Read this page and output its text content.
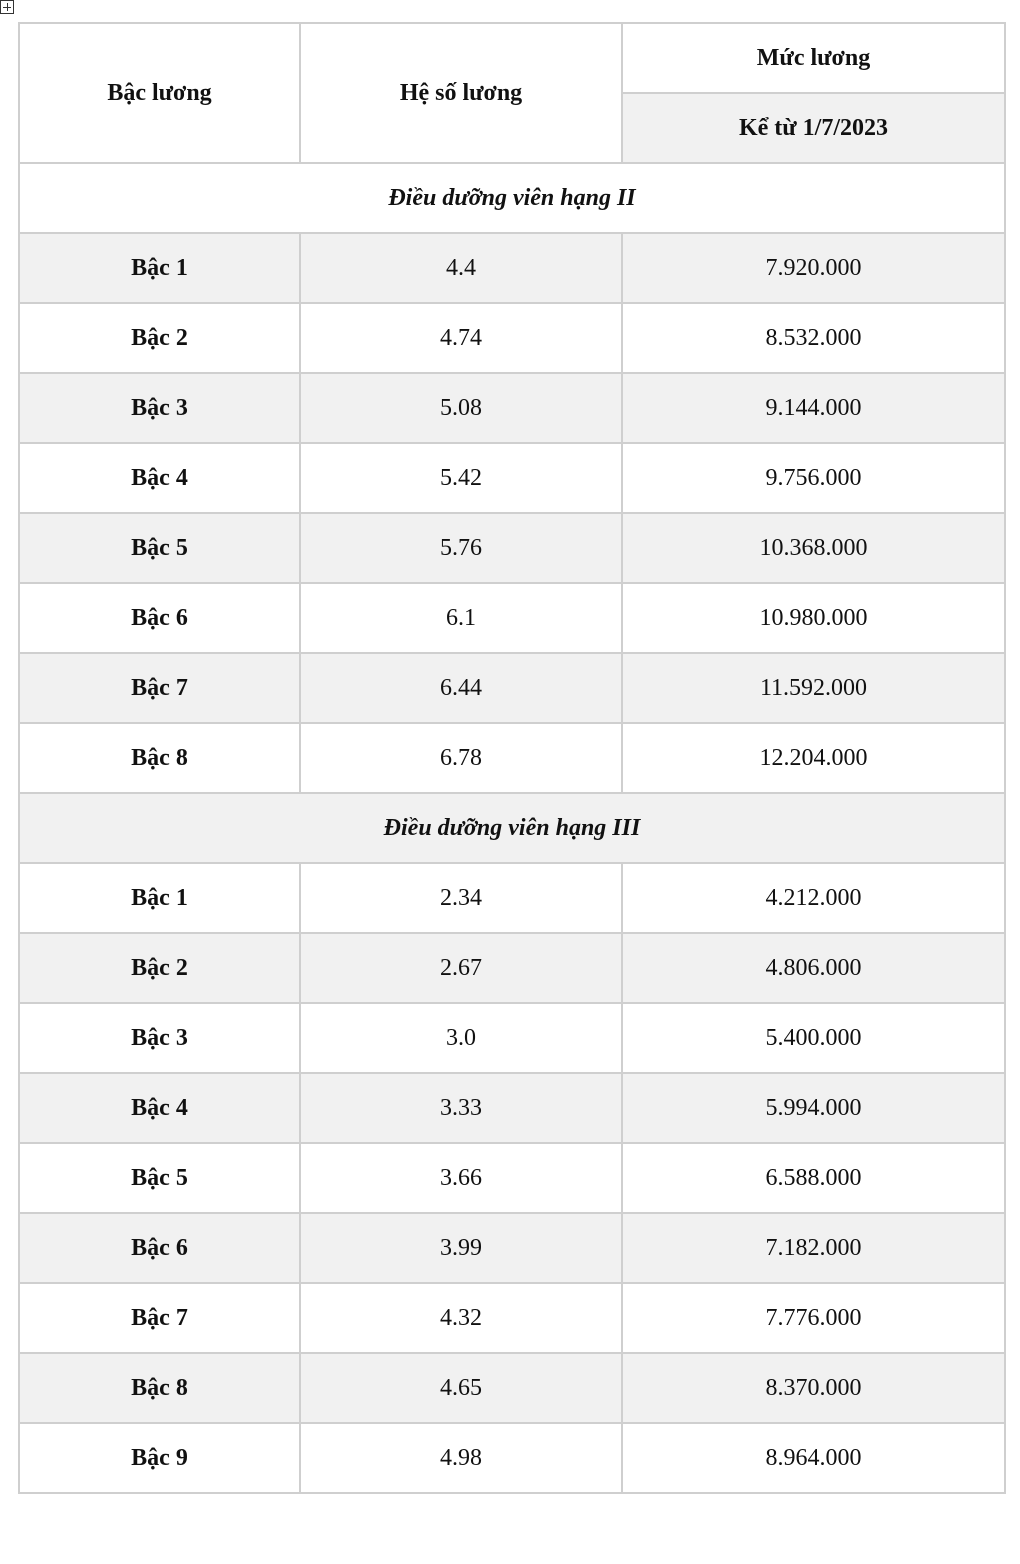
Bậc lương	Hệ số lương	Mức lương
		Kể từ 1/7/2023
Điều dưỡng viên hạng II		
Bậc 1	4.4	7.920.000
Bậc 2	4.74	8.532.000
Bậc 3	5.08	9.144.000
Bậc 4	5.42	9.756.000
Bậc 5	5.76	10.368.000
Bậc 6	6.1	10.980.000
Bậc 7	6.44	11.592.000
Bậc 8	6.78	12.204.000
Điều dưỡng viên hạng III		
Bậc 1	2.34	4.212.000
Bậc 2	2.67	4.806.000
Bậc 3	3.0	5.400.000
Bậc 4	3.33	5.994.000
Bậc 5	3.66	6.588.000
Bậc 6	3.99	7.182.000
Bậc 7	4.32	7.776.000
Bậc 8	4.65	8.370.000
Bậc 9	4.98	8.964.000
